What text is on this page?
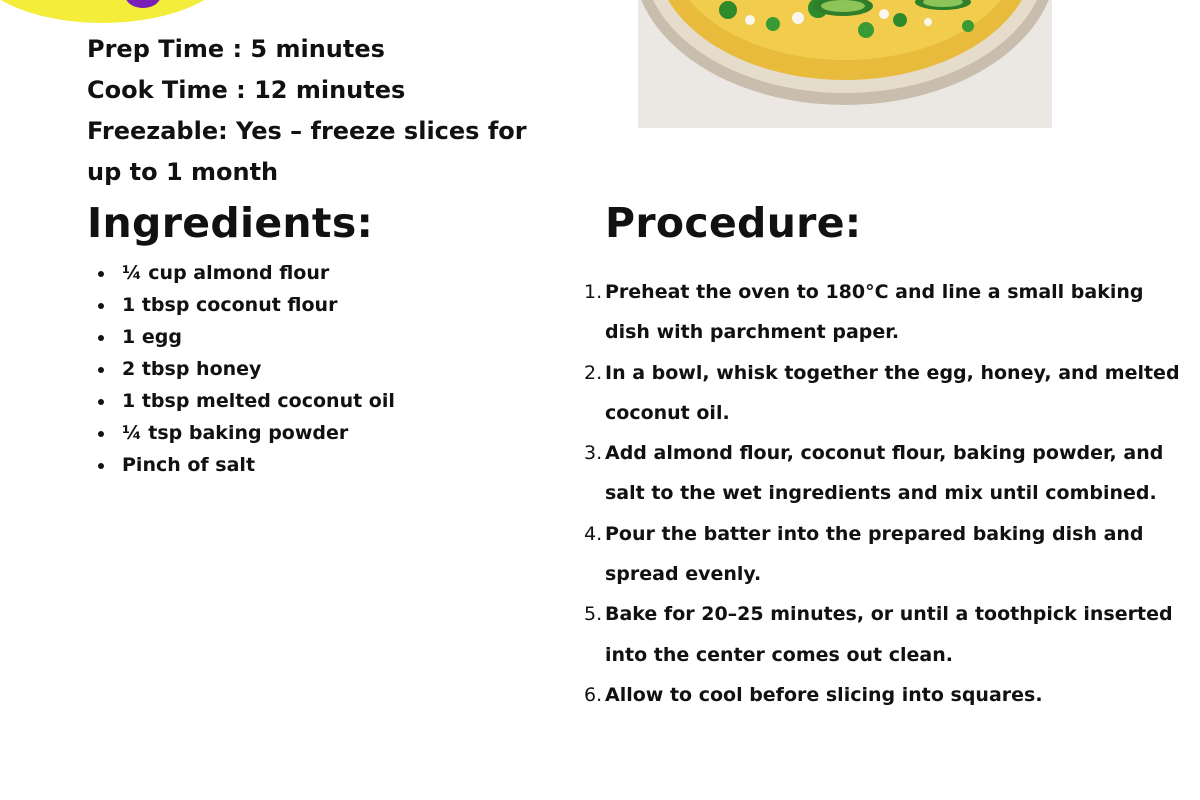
Prep Time : 5 minutes
Cook Time : 12 minutes
Freezable: Yes – freeze slices for up to 1 month
Ingredients:
¼ cup almond flour
1 tbsp coconut flour
1 egg
2 tbsp honey
1 tbsp melted coconut oil
¼ tsp baking powder
Pinch of salt
Procedure:
1. Preheat the oven to 180°C and line a small baking dish with parchment paper.
2. In a bowl, whisk together the egg, honey, and melted coconut oil.
3. Add almond flour, coconut flour, baking powder, and salt to the wet ingredients and mix until combined.
4. Pour the batter into the prepared baking dish and spread evenly.
5. Bake for 20–25 minutes, or until a toothpick inserted into the center comes out clean.
6. Allow to cool before slicing into squares.
